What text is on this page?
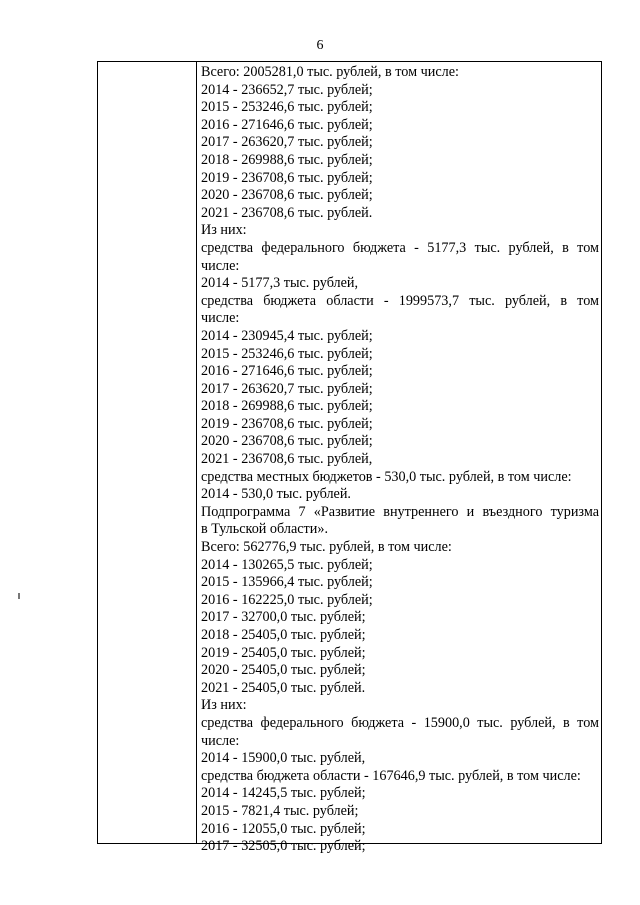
6
Всего: 2005281,0 тыс. рублей, в том числе:
2014 - 236652,7 тыс. рублей;
2015 - 253246,6 тыс. рублей;
2016 - 271646,6 тыс. рублей;
2017 - 263620,7 тыс. рублей;
2018 - 269988,6 тыс. рублей;
2019 - 236708,6 тыс. рублей;
2020 - 236708,6 тыс. рублей;
2021 - 236708,6 тыс. рублей.
Из них:
средства федерального бюджета - 5177,3 тыс. рублей, в том
числе:
2014 - 5177,3 тыс. рублей,
средства бюджета области - 1999573,7 тыс. рублей, в том
числе:
2014 - 230945,4 тыс. рублей;
2015 - 253246,6 тыс. рублей;
2016 - 271646,6 тыс. рублей;
2017 - 263620,7 тыс. рублей;
2018 - 269988,6 тыс. рублей;
2019 - 236708,6 тыс. рублей;
2020 - 236708,6 тыс. рублей;
2021 - 236708,6 тыс. рублей,
средства местных бюджетов - 530,0 тыс. рублей, в том числе:
2014 - 530,0 тыс. рублей.
Подпрограмма 7 «Развитие внутреннего и въездного туризма
в Тульской области».
Всего: 562776,9 тыс. рублей, в том числе:
2014 - 130265,5 тыс. рублей;
2015 - 135966,4 тыс. рублей;
2016 - 162225,0 тыс. рублей;
2017 - 32700,0 тыс. рублей;
2018 - 25405,0 тыс. рублей;
2019 - 25405,0 тыс. рублей;
2020 - 25405,0 тыс. рублей;
2021 - 25405,0 тыс. рублей.
Из них:
средства федерального бюджета - 15900,0 тыс. рублей, в том
числе:
2014 - 15900,0 тыс. рублей,
средства бюджета области - 167646,9 тыс. рублей, в том числе:
2014 - 14245,5 тыс. рублей;
2015 - 7821,4 тыс. рублей;
2016 - 12055,0 тыс. рублей;
2017 - 32505,0 тыс. рублей;
